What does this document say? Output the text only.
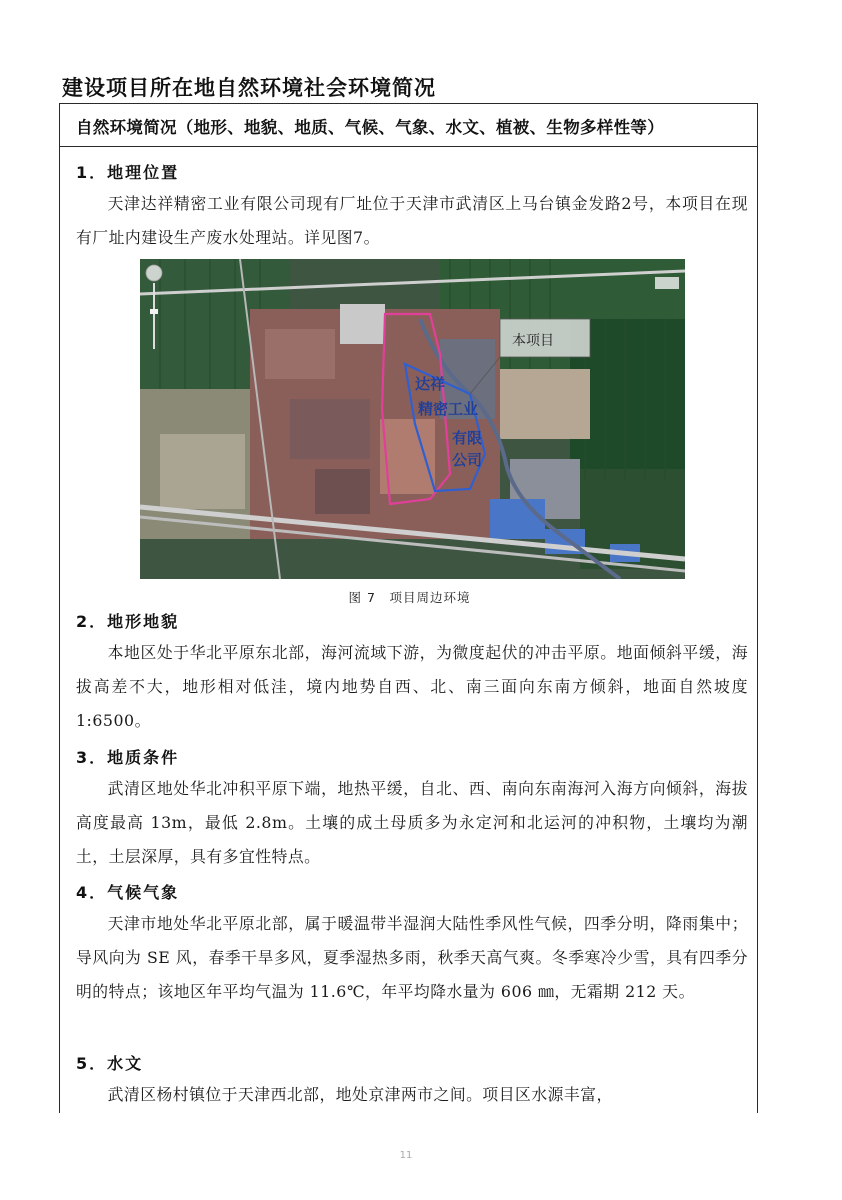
建设项目所在地自然环境社会环境简况
自然环境简况（地形、地貌、地质、气候、气象、水文、植被、生物多样性等）
1．地理位置

天津达祥精密工业有限公司现有厂址位于天津市武清区上马台镇金发路2号，本项目在现有厂址内建设生产废水处理站。详见图7。

本项目
达祥
精密工业
有限
公司

图 7　项目周边环境

2．地形地貌

本地区处于华北平原东北部，海河流域下游，为微度起伏的冲击平原。地面倾斜平缓，海拔高差不大，地形相对低洼，境内地势自西、北、南三面向东南方倾斜，地面自然坡度 1:6500。

3．地质条件

武清区地处华北冲积平原下端，地热平缓，自北、西、南向东南海河入海方向倾斜，海拔高度最高 13m，最低 2.8m。土壤的成土母质多为永定河和北运河的冲积物，土壤均为潮土，土层深厚，具有多宜性特点。

4．气候气象

天津市地处华北平原北部，属于暖温带半湿润大陆性季风性气候，四季分明，降雨集中；导风向为 SE 风，春季干旱多风，夏季湿热多雨，秋季天高气爽。冬季寒冷少雪，具有四季分明的特点；该地区年平均气温为 11.6℃，年平均降水量为 606 ㎜，无霜期 212 天。

5．水文

武清区杨村镇位于天津西北部，地处京津两市之间。项目区水源丰富，

11
